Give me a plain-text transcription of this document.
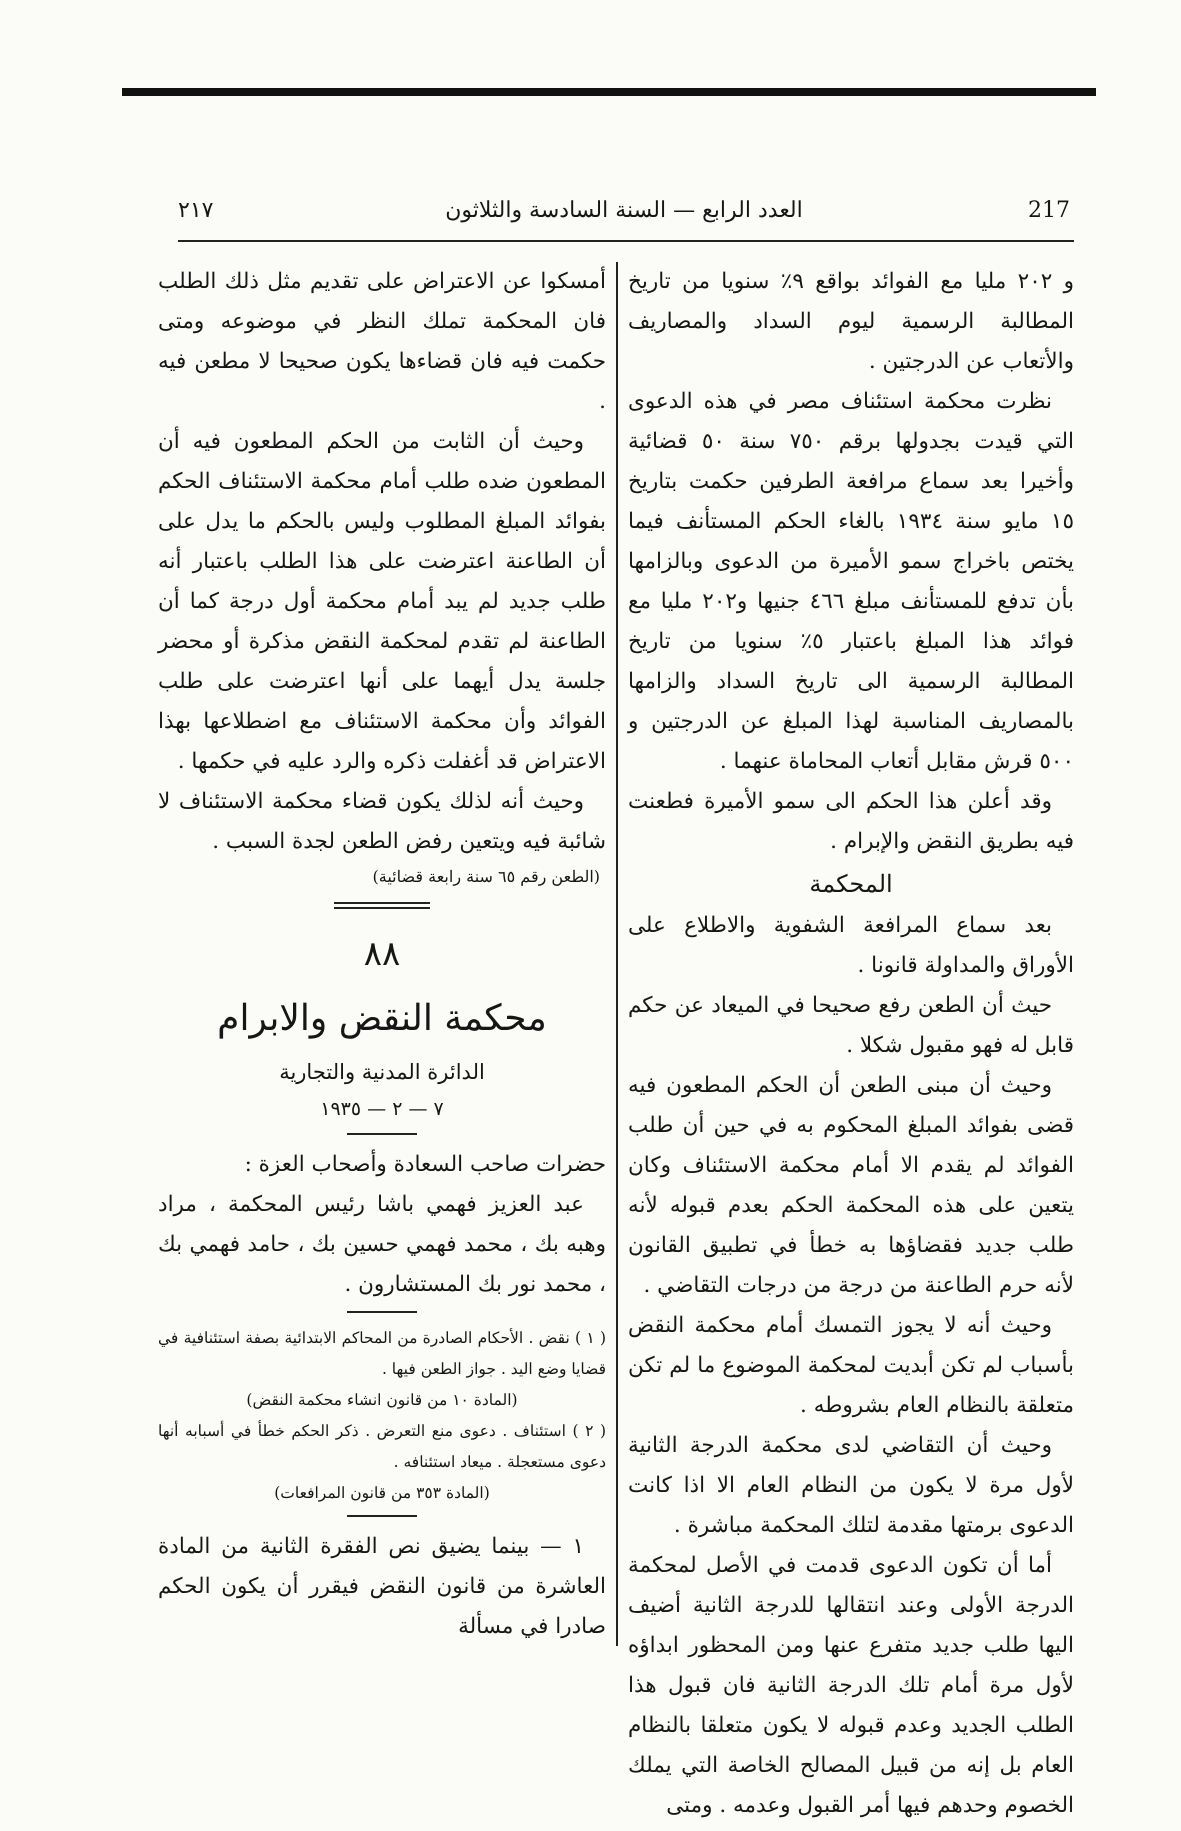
٢١٧	العدد الرابع — السنة السادسة والثلاثون	217

و ٢٠٢ مليا مع الفوائد بواقع ٩٪ سنويا من تاريخ المطالبة الرسمية ليوم السداد والمصاريف والأتعاب عن الدرجتين .

نظرت محكمة استئناف مصر في هذه الدعوى التي قيدت بجدولها برقم ٧٥٠ سنة ٥٠ قضائية وأخيرا بعد سماع مرافعة الطرفين حكمت بتاريخ ١٥ مايو سنة ١٩٣٤ بالغاء الحكم المستأنف فيما يختص باخراج سمو الأميرة من الدعوى وبالزامها بأن تدفع للمستأنف مبلغ ٤٦٦ جنيها و٢٠٢ مليا مع فوائد هذا المبلغ باعتبار ٥٪ سنويا من تاريخ المطالبة الرسمية الى تاريخ السداد والزامها بالمصاريف المناسبة لهذا المبلغ عن الدرجتين و ٥٠٠ قرش مقابل أتعاب المحاماة عنهما .

وقد أعلن هذا الحكم الى سمو الأميرة فطعنت فيه بطريق النقض والإبرام .

المحكمة

بعد سماع المرافعة الشفوية والاطلاع على الأوراق والمداولة قانونا .

حيث أن الطعن رفع صحيحا في الميعاد عن حكم قابل له فهو مقبول شكلا .

وحيث أن مبنى الطعن أن الحكم المطعون فيه قضى بفوائد المبلغ المحكوم به في حين أن طلب الفوائد لم يقدم الا أمام محكمة الاستئناف وكان يتعين على هذه المحكمة الحكم بعدم قبوله لأنه طلب جديد فقضاؤها به خطأ في تطبيق القانون لأنه حرم الطاعنة من درجة من درجات التقاضي .

وحيث أنه لا يجوز التمسك أمام محكمة النقض بأسباب لم تكن أبديت لمحكمة الموضوع ما لم تكن متعلقة بالنظام العام بشروطه .

وحيث أن التقاضي لدى محكمة الدرجة الثانية لأول مرة لا يكون من النظام العام الا اذا كانت الدعوى برمتها مقدمة لتلك المحكمة مباشرة .

أما أن تكون الدعوى قدمت في الأصل لمحكمة الدرجة الأولى وعند انتقالها للدرجة الثانية أضيف اليها طلب جديد متفرع عنها ومن المحظور ابداؤه لأول مرة أمام تلك الدرجة الثانية فان قبول هذا الطلب الجديد وعدم قبوله لا يكون متعلقا بالنظام العام بل إنه من قبيل المصالح الخاصة التي يملك الخصوم وحدهم فيها أمر القبول وعدمه . ومتى

أمسكوا عن الاعتراض على تقديم مثل ذلك الطلب فان المحكمة تملك النظر في موضوعه ومتى حكمت فيه فان قضاءها يكون صحيحا لا مطعن فيه .

وحيث أن الثابت من الحكم المطعون فيه أن المطعون ضده طلب أمام محكمة الاستئناف الحكم بفوائد المبلغ المطلوب وليس بالحكم ما يدل على أن الطاعنة اعترضت على هذا الطلب باعتبار أنه طلب جديد لم يبد أمام محكمة أول درجة كما أن الطاعنة لم تقدم لمحكمة النقض مذكرة أو محضر جلسة يدل أيهما على أنها اعترضت على طلب الفوائد وأن محكمة الاستئناف مع اضطلاعها بهذا الاعتراض قد أغفلت ذكره والرد عليه في حكمها .

وحيث أنه لذلك يكون قضاء محكمة الاستئناف لا شائبة فيه ويتعين رفض الطعن لجدة السبب .

(الطعن رقم ٦٥ سنة رابعة قضائية)

٨٨

محكمة النقض والابرام

الدائرة المدنية والتجارية

٧ — ٢ — ١٩٣٥

حضرات صاحب السعادة وأصحاب العزة :

عبد العزيز فهمي باشا رئيس المحكمة ، مراد وهبه بك ، محمد فهمي حسين بك ، حامد فهمي بك ، محمد نور بك المستشارون .

( ١ ) نقض . الأحكام الصادرة من المحاكم الابتدائية بصفة استئنافية في قضايا وضع اليد . جواز الطعن فيها .

(المادة ١٠ من قانون انشاء محكمة النقض)

( ٢ ) استئناف . دعوى منع التعرض . ذكر الحكم خطأ في أسبابه أنها دعوى مستعجلة . ميعاد استئنافه .

(المادة ٣٥٣ من قانون المرافعات)

١ — بينما يضيق نص الفقرة الثانية من المادة العاشرة من قانون النقض فيقرر أن يكون الحكم صادرا في مسألة
